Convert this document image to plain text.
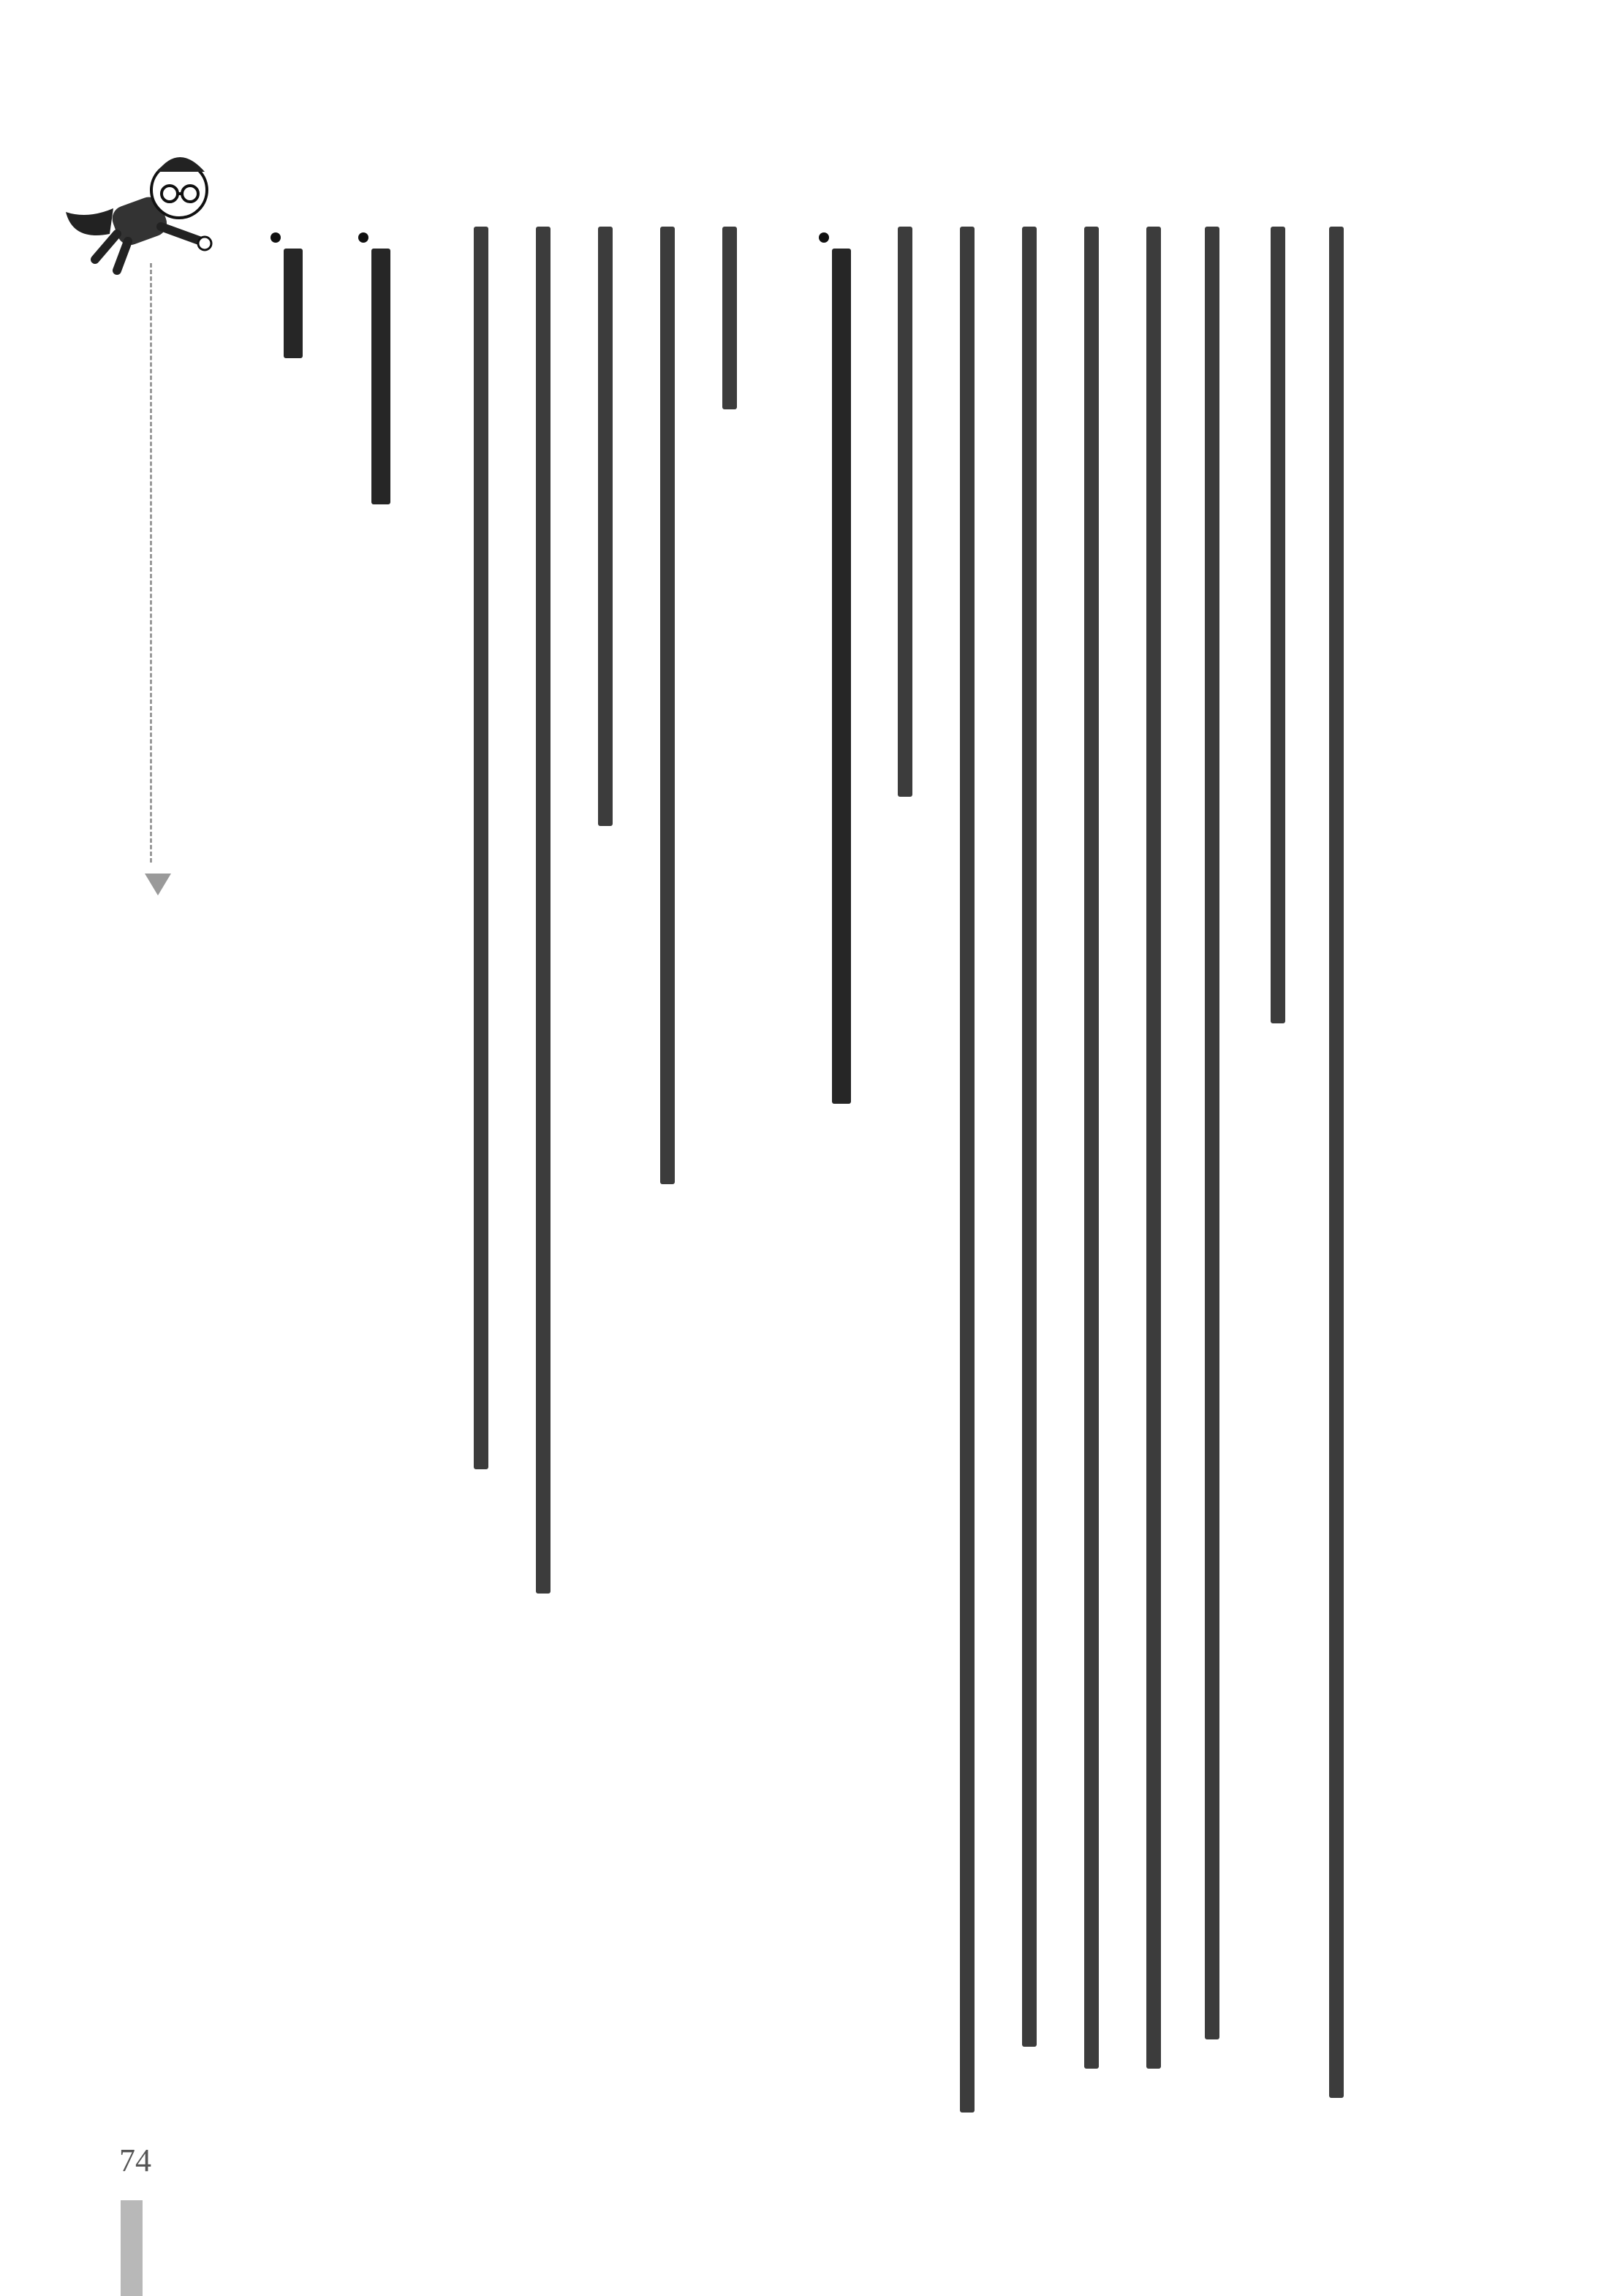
74
